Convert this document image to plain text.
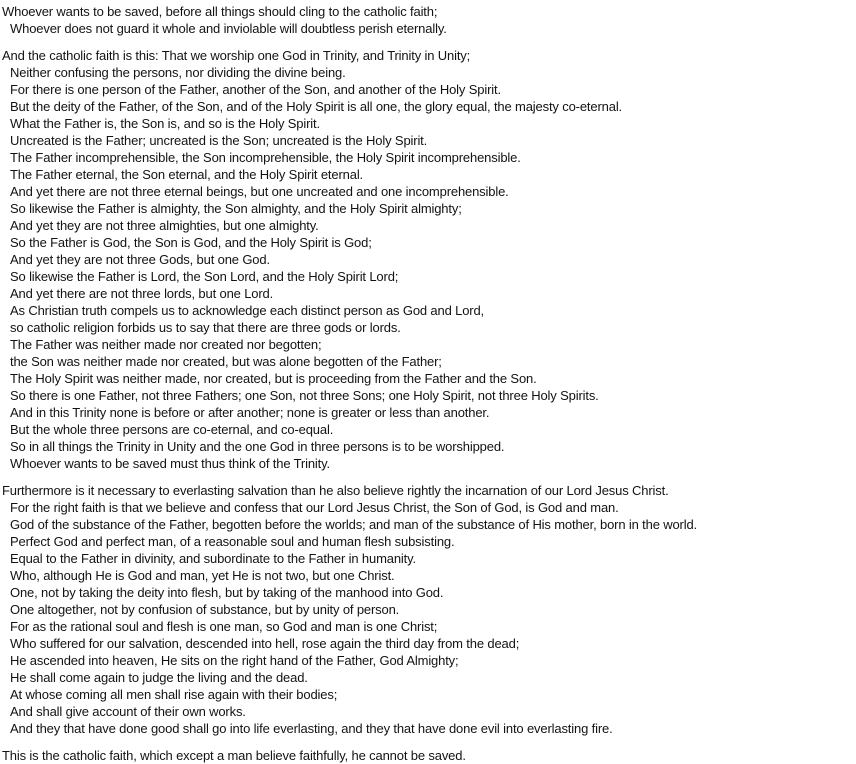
Whoever wants to be saved, before all things should cling to the catholic faith;
Whoever does not guard it whole and inviolable will doubtless perish eternally.
And the catholic faith is this: That we worship one God in Trinity, and Trinity in Unity;
Neither confusing the persons, nor dividing the divine being.
For there is one person of the Father, another of the Son, and another of the Holy Spirit.
But the deity of the Father, of the Son, and of the Holy Spirit is all one, the glory equal, the majesty co-eternal.
What the Father is, the Son is, and so is the Holy Spirit.
Uncreated is the Father; uncreated is the Son; uncreated is the Holy Spirit.
The Father incomprehensible, the Son incomprehensible, the Holy Spirit incomprehensible.
The Father eternal, the Son eternal, and the Holy Spirit eternal.
And yet there are not three eternal beings, but one uncreated and one incomprehensible.
So likewise the Father is almighty, the Son almighty, and the Holy Spirit almighty;
And yet they are not three almighties, but one almighty.
So the Father is God, the Son is God, and the Holy Spirit is God;
And yet they are not three Gods, but one God.
So likewise the Father is Lord, the Son Lord, and the Holy Spirit Lord;
And yet there are not three lords, but one Lord.
As Christian truth compels us to acknowledge each distinct person as God and Lord,
so catholic religion forbids us to say that there are three gods or lords.
The Father was neither made nor created nor begotten;
the Son was neither made nor created, but was alone begotten of the Father;
The Holy Spirit was neither made, nor created, but is proceeding from the Father and the Son.
So there is one Father, not three Fathers; one Son, not three Sons; one Holy Spirit, not three Holy Spirits.
And in this Trinity none is before or after another; none is greater or less than another.
But the whole three persons are co-eternal, and co-equal.
So in all things the Trinity in Unity and the one God in three persons is to be worshipped.
Whoever wants to be saved must thus think of the Trinity.
Furthermore is it necessary to everlasting salvation than he also believe rightly the incarnation of our Lord Jesus Christ.
For the right faith is that we believe and confess that our Lord Jesus Christ, the Son of God, is God and man.
God of the substance of the Father, begotten before the worlds; and man of the substance of His mother, born in the world.
Perfect God and perfect man, of a reasonable soul and human flesh subsisting.
Equal to the Father in divinity, and subordinate to the Father in humanity.
Who, although He is God and man, yet He is not two, but one Christ.
One, not by taking the deity into flesh, but by taking of the manhood into God.
One altogether, not by confusion of substance, but by unity of person.
For as the rational soul and flesh is one man, so God and man is one Christ;
Who suffered for our salvation, descended into hell, rose again the third day from the dead;
He ascended into heaven, He sits on the right hand of the Father, God Almighty;
He shall come again to judge the living and the dead.
At whose coming all men shall rise again with their bodies;
And shall give account of their own works.
And they that have done good shall go into life everlasting, and they that have done evil into everlasting fire.
This is the catholic faith, which except a man believe faithfully, he cannot be saved.
